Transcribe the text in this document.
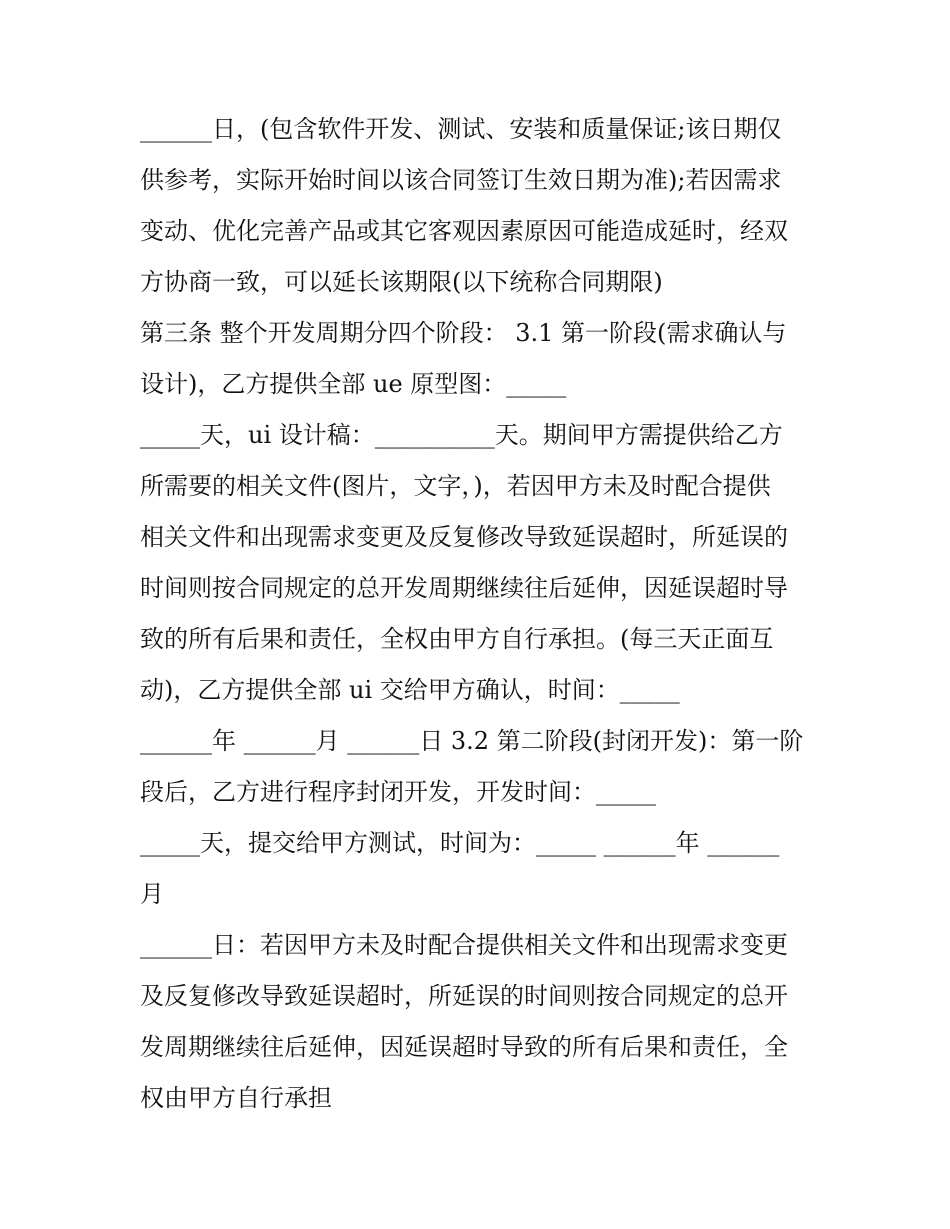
______日，(包含软件开发、测试、安装和质量保证;该日期仅
供参考，实际开始时间以该合同签订生效日期为准);若因需求
变动、优化完善产品或其它客观因素原因可能造成延时，经双
方协商一致，可以延长该期限(以下统称合同期限)
第三条 整个开发周期分四个阶段： 3.1 第一阶段(需求确认与
设计)，乙方提供全部 ue 原型图：_____
_____天，ui 设计稿：__________天。期间甲方需提供给乙方
所需要的相关文件(图片，文字，)，若因甲方未及时配合提供
相关文件和出现需求变更及反复修改导致延误超时，所延误的
时间则按合同规定的总开发周期继续往后延伸，因延误超时导
致的所有后果和责任，全权由甲方自行承担。(每三天正面互
动)，乙方提供全部 ui 交给甲方确认，时间：_____
______年 ______月 ______日 3.2 第二阶段(封闭开发)：第一阶
段后，乙方进行程序封闭开发，开发时间：_____
_____天，提交给甲方测试，时间为：_____ ______年 ______
月
______日：若因甲方未及时配合提供相关文件和出现需求变更
及反复修改导致延误超时，所延误的时间则按合同规定的总开
发周期继续往后延伸，因延误超时导致的所有后果和责任，全
权由甲方自行承担
